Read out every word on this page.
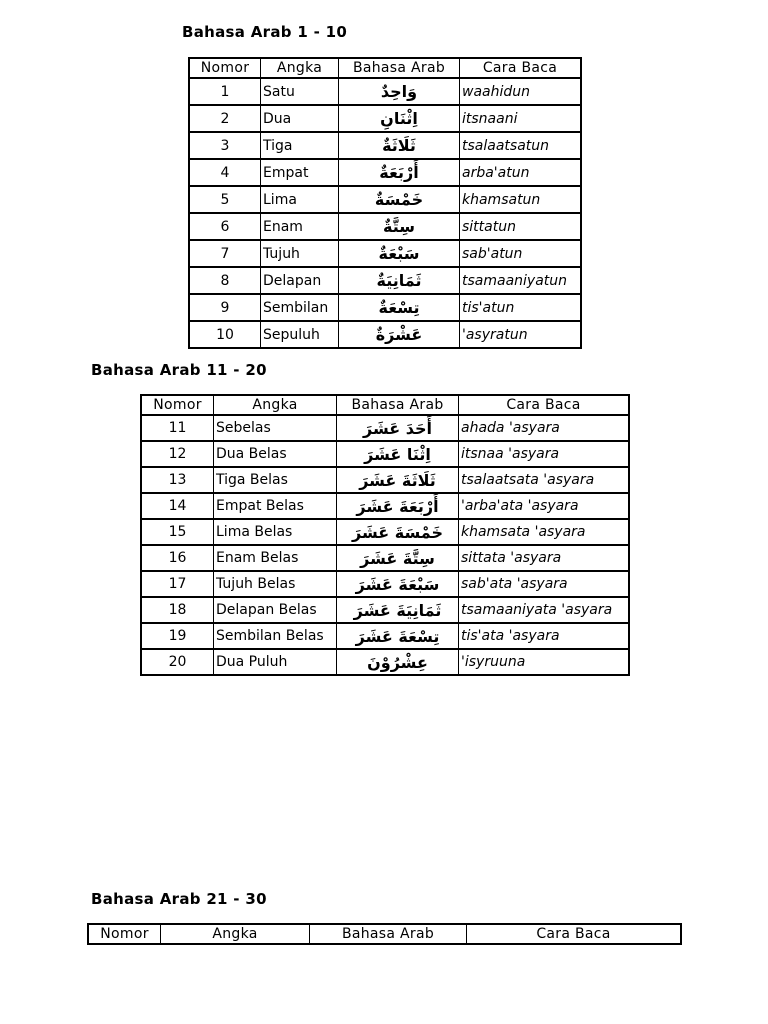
Bahasa Arab 1 - 10
Nomor	Angka	Bahasa Arab	Cara Baca
1	Satu	وَاحِدٌ	waahidun
2	Dua	اِثْنَانِ	itsnaani
3	Tiga	ثَلَاثَةٌ	tsalaatsatun
4	Empat	أَرْبَعَةٌ	arba'atun
5	Lima	خَمْسَةٌ	khamsatun
6	Enam	سِتَّةٌ	sittatun
7	Tujuh	سَبْعَةٌ	sab'atun
8	Delapan	ثَمَانِيَةٌ	tsamaaniyatun
9	Sembilan	تِسْعَةٌ	tis'atun
10	Sepuluh	عَشْرَةٌ	'asyratun
Bahasa Arab 11 - 20
Nomor	Angka	Bahasa Arab	Cara Baca
11	Sebelas	أَحَدَ عَشَرَ	ahada 'asyara
12	Dua Belas	اِثْنَا عَشَرَ	itsnaa 'asyara
13	Tiga Belas	ثَلَاثَةَ عَشَرَ	tsalaatsata 'asyara
14	Empat Belas	أَرْبَعَةَ عَشَرَ	'arba'ata 'asyara
15	Lima Belas	خَمْسَةَ عَشَرَ	khamsata 'asyara
16	Enam Belas	سِتَّةَ عَشَرَ	sittata 'asyara
17	Tujuh Belas	سَبْعَةَ عَشَرَ	sab'ata 'asyara
18	Delapan Belas	ثَمَانِيَةَ عَشَرَ	tsamaaniyata 'asyara
19	Sembilan Belas	تِسْعَةَ عَشَرَ	tis'ata 'asyara
20	Dua Puluh	عِشْرُوْنَ	'isyruuna
Bahasa Arab 21 - 30
Nomor	Angka	Bahasa Arab	Cara Baca
